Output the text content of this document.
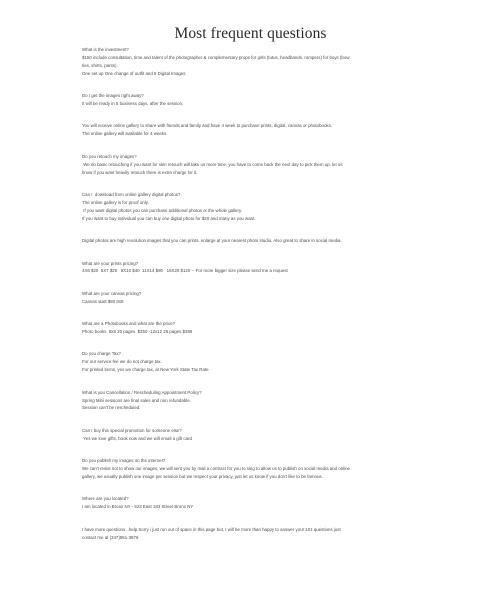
Most frequent questions

What is the investment?
$150 include consultation, time and talent of the photographer & complementary props for girls (tutus, headbands, rompers) for boys (bow
ties, shirts, pants).
One set up One change of outfit and 5 Digital Images

Do I get the images right away?
It will be ready in 5 business days, after the session.

You will receive online gallery to share with friends and family and have 4 week to purchase prints, digital, canvas or photobooks.
The online gallery will available for 4 weeks.

Do you retouch my images?
We do basic retouching if you want for skin retouch will take us more time, you have to come back the next day to pick them up, let us
know if you want heavily retouch there is extra charge for it.

Can I  download from online gallery digital photos?
The online gallery is for proof only.
If you want digital photos you can purchase additional photos or the whole gallery.
If you want to buy individual you can buy one digital photo for $20 and many as you want.

Digital photos are high resolution images that you can prints, enlarge at your nearest photo studio, Also great to share in social media.

What are your prints pricing?
4X6 $20  5X7 $25   8X10 $40  11X14 $80   16X20 $120 -- For more bigger size please send me a request

What are your canvas pricing?
Canvas start $80 8x8

What are a Photobooks and what are the price?
Photo books  8x8 20 pages  $250 -12x12 26 pages $395

Do you charge Tax?
For our service fee we do not charge tax.
For printed items, yes we charge tax, at New York State Tax Rate

What is you Cancellation / Rescheduling Appointment Policy?
Spring Mini sessions are final sales and non refundable.
Session can't be rescheduled.

Can I buy this special promotion for someone else?
Yes we love gifts, book now and we will email a gift card

Do you publish my images on the internet?
We can't resist not to show our images, we will sent you by mail a contract for you to sing to allow us to publish on social media and online
gallery, we usually publish one image per session but we respect your privacy, just let us know if you don't like to be famous.

Where are you located?
I am located in Bronx NY - 523 East 183 Street Bronx NY

I have more questions...help.Sorry i just run out of space in this page but, I will be more than happy to answer your 101 questions just
contact me at (347)951-3976
